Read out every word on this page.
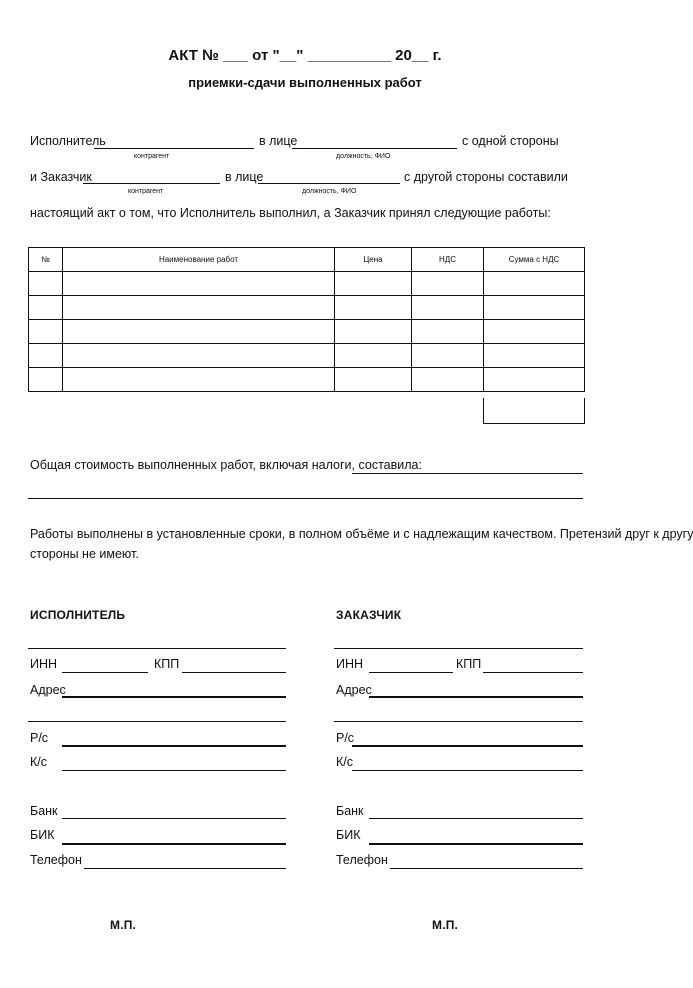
АКТ № ___ от "__" __________ 20__ г.
приемки-сдачи выполненных работ
Исполнитель	в лице	с одной стороны
контрагент	должность, ФИО
и Заказчик	в лице	с другой стороны составили
контрагент	должность, ФИО
настоящий акт о том, что Исполнитель выполнил, а Заказчик принял следующие работы:
№	Наименование работ	Цена	НДС	Сумма с НДС

Общая стоимость выполненных работ, включая налоги, составила:
Работы выполнены в установленные сроки, в полном объёме и с надлежащим качеством. Претензий друг к другу
стороны не имеют.
ИСПОЛНИТЕЛЬ
ИНН	КПП
Адрес
Р/с
К/с
Банк
БИК
Телефон
М.П.
ЗАКАЗЧИК
ИНН	КПП
Адрес
Р/с
К/с
Банк
БИК
Телефон
М.П.
